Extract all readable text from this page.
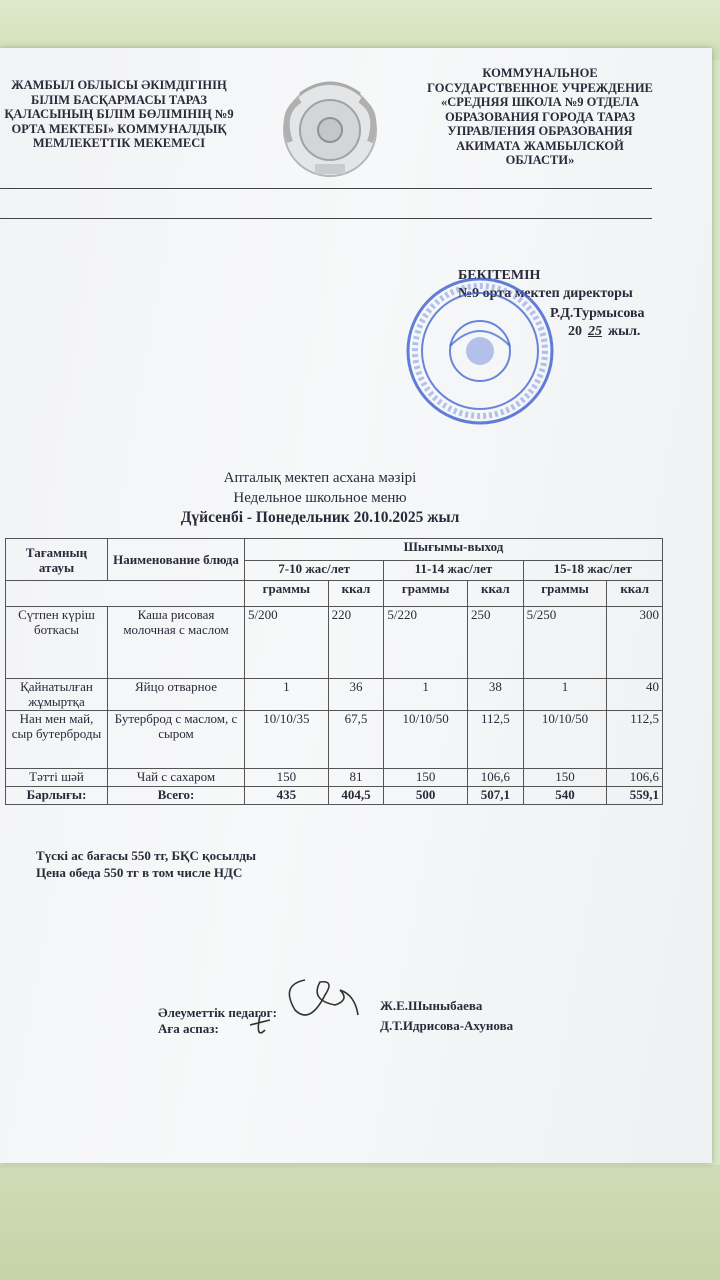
ЖАМБЫЛ ОБЛЫСЫ ӘКІМДІГІНІҢ
БІЛІМ БАСҚАРМАСЫ ТАРАЗ
ҚАЛАСЫНЫҢ БІЛІМ БӨЛІМІНІҢ №9
ОРТА МЕКТЕБІ» КОММУНАЛДЫҚ
МЕМЛЕКЕТТІК МЕКЕМЕСІ
КОММУНАЛЬНОЕ
ГОСУДАРСТВЕННОЕ УЧРЕЖДЕНИЕ
«СРЕДНЯЯ ШКОЛА №9 ОТДЕЛА
ОБРАЗОВАНИЯ ГОРОДА ТАРАЗ
УПРАВЛЕНИЯ ОБРАЗОВАНИЯ
АКИМАТА ЖАМБЫЛСКОЙ
ОБЛАСТИ»
БЕКІТЕМІН
№9 орта мектеп директоры
Р.Д.Турмысова
20 25 жыл.
Апталық мектеп асхана мәзірі
Недельное школьное меню
Дүйсенбі - Понедельник 20.10.2025 жыл
Тағамның атауы	Наименование блюда	Шығымы-выход					
		7-10 жас/лет		11-14 жас/лет		15-18 жас/лет	
		граммы	ккал	граммы	ккал	граммы	ккал
Сүтпен күріш боткасы	Каша рисовая молочная с маслом	5/200	220	5/220	250	5/250	300
Қайнатылған жұмыртқа	Яйцо отварное	1	36	1	38	1	40
Нан мен май, сыр бутерброды	Бутерброд с маслом, с сыром	10/10/35	67,5	10/10/50	112,5	10/10/50	112,5
Тәтті шәй	Чай с сахаром	150	81	150	106,6	150	106,6
Барлығы:	Всего:	435	404,5	500	507,1	540	559,1
Түскі ас бағасы 550 тг, БҚС қосылды
Цена обеда 550 тг в том числе НДС
Әлеуметтік педагог:	Ж.Е.Шыныбаева
Аға аспаз:	Д.Т.Идрисова-Ахунова
